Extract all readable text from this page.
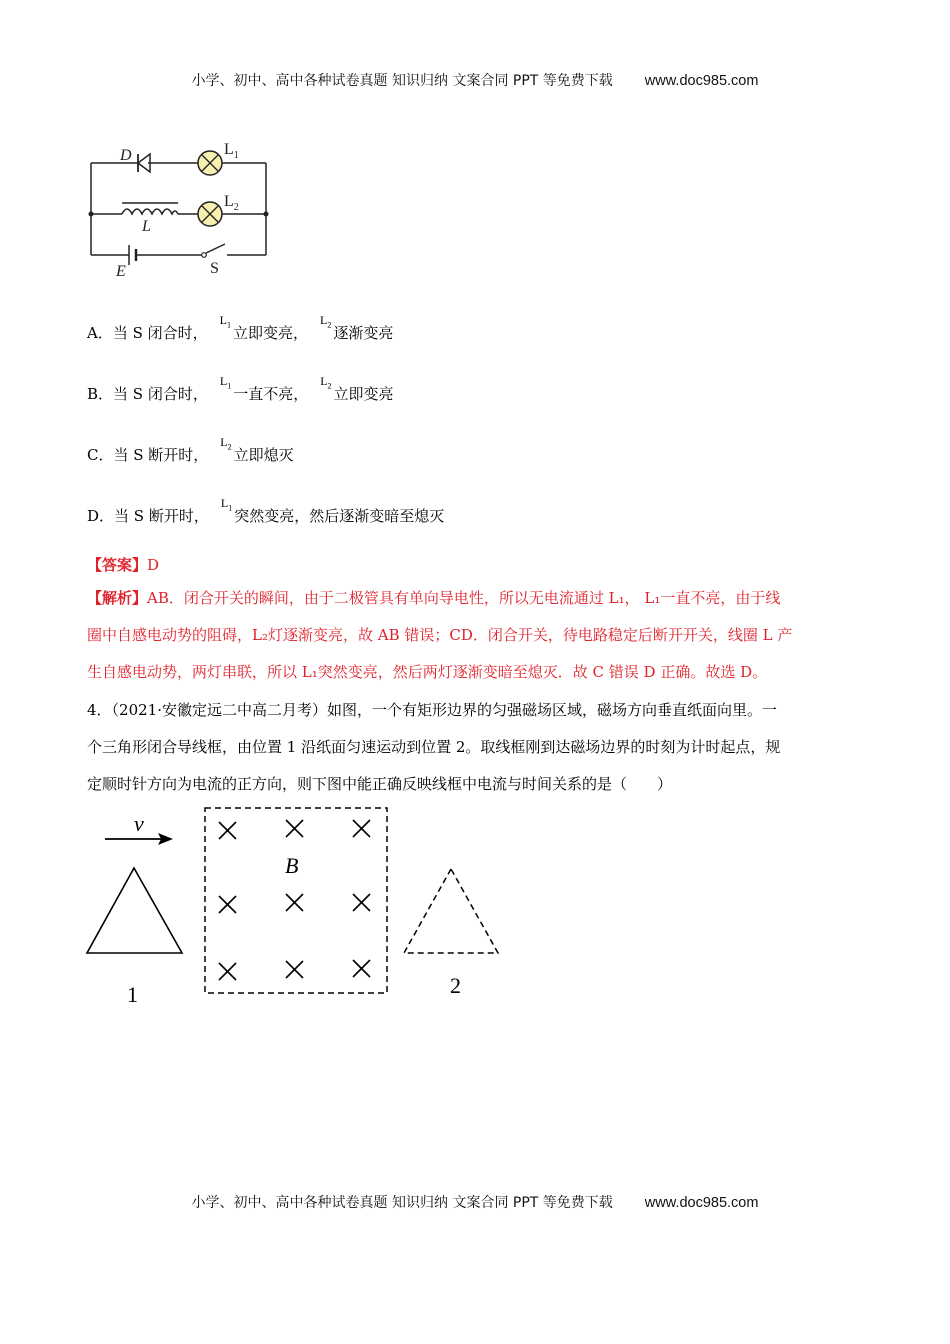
小学、初中、高中各种试卷真题 知识归纳 文案合同 PPT 等免费下载 www.doc985.com
D	$L_1$
$L_2$
L
E	S
A．当 S 闭合时，$^{L_1}$ 立即变亮，$^{L_2}$ 逐渐变亮
B．当 S 闭合时，$^{L_1}$ 一直不亮，$^{L_2}$ 立即变亮
C．当 S 断开时，$^{L_2}$ 立即熄灭
D．当 S 断开时，$^{L_1}$ 突然变亮，然后逐渐变暗至熄灭
【答案】D
【解析】AB．闭合开关的瞬间，由于二极管具有单向导电性，所以无电流通过 L₁， L₁一直不亮，由于线
圈中自感电动势的阻碍，L₂灯逐渐变亮，故 AB 错误；CD．闭合开关，待电路稳定后断开开关，线圈 L 产
生自感电动势，两灯串联，所以 L₁突然变亮，然后两灯逐渐变暗至熄灭．故 C 错误 D 正确。故选 D。
4．（2021·安徽定远二中高二月考）如图，一个有矩形边界的匀强磁场区域，磁场方向垂直纸面向里。一
个三角形闭合导线框，由位置 1 沿纸面匀速运动到位置 2。取线框刚到达磁场边界的时刻为计时起点，规
定顺时针方向为电流的正方向，则下图中能正确反映线框中电流与时间关系的是（　　）
v
1
B
2
小学、初中、高中各种试卷真题 知识归纳 文案合同 PPT 等免费下载 www.doc985.com
